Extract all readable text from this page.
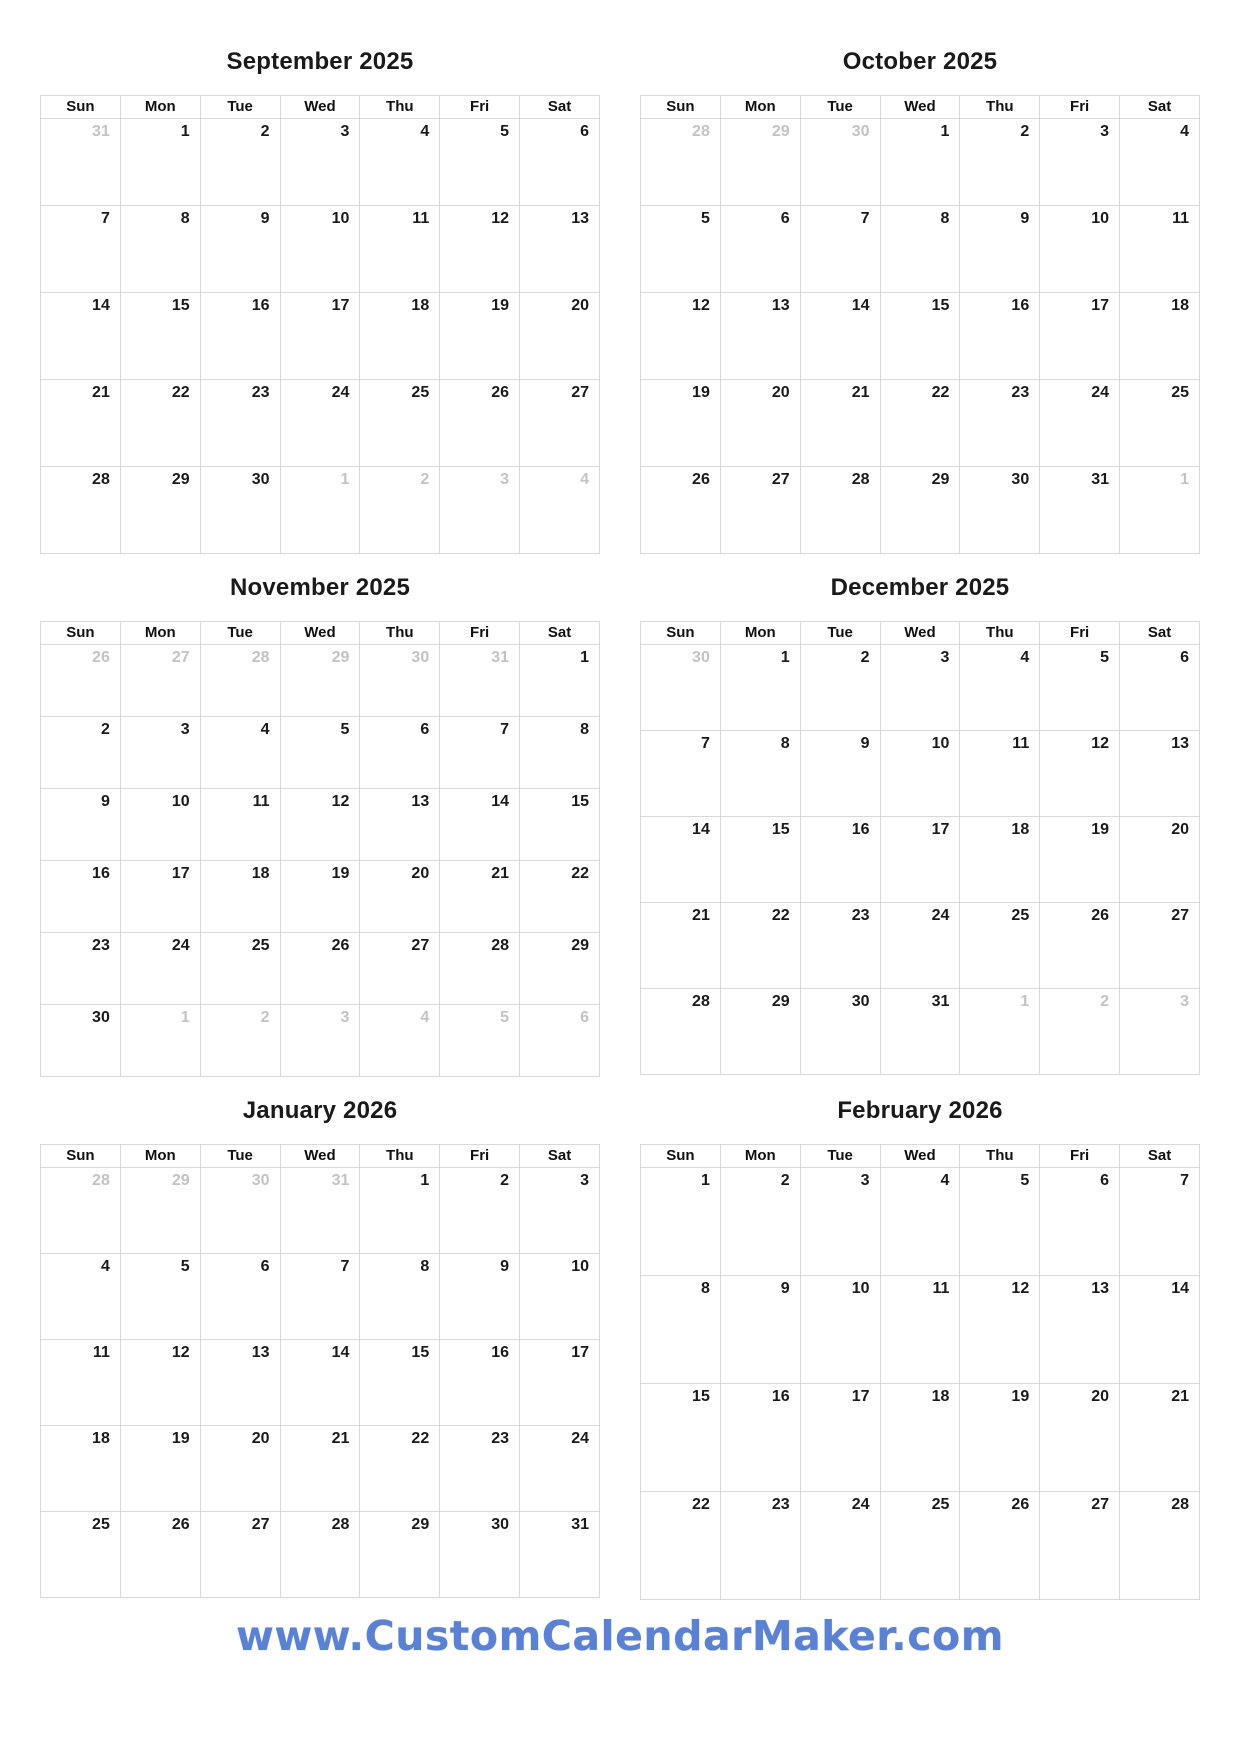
September 2025
Sun	Mon	Tue	Wed	Thu	Fri	Sat
31	1	2	3	4	5	6
7	8	9	10	11	12	13
14	15	16	17	18	19	20
21	22	23	24	25	26	27
28	29	30	1	2	3	4
October 2025
Sun	Mon	Tue	Wed	Thu	Fri	Sat
28	29	30	1	2	3	4
5	6	7	8	9	10	11
12	13	14	15	16	17	18
19	20	21	22	23	24	25
26	27	28	29	30	31	1
November 2025
Sun	Mon	Tue	Wed	Thu	Fri	Sat
26	27	28	29	30	31	1
2	3	4	5	6	7	8
9	10	11	12	13	14	15
16	17	18	19	20	21	22
23	24	25	26	27	28	29
30	1	2	3	4	5	6
December 2025
Sun	Mon	Tue	Wed	Thu	Fri	Sat
30	1	2	3	4	5	6
7	8	9	10	11	12	13
14	15	16	17	18	19	20
21	22	23	24	25	26	27
28	29	30	31	1	2	3
January 2026
Sun	Mon	Tue	Wed	Thu	Fri	Sat
28	29	30	31	1	2	3
4	5	6	7	8	9	10
11	12	13	14	15	16	17
18	19	20	21	22	23	24
25	26	27	28	29	30	31
February 2026
Sun	Mon	Tue	Wed	Thu	Fri	Sat
1	2	3	4	5	6	7
8	9	10	11	12	13	14
15	16	17	18	19	20	21
22	23	24	25	26	27	28
www.CustomCalendarMaker.com
